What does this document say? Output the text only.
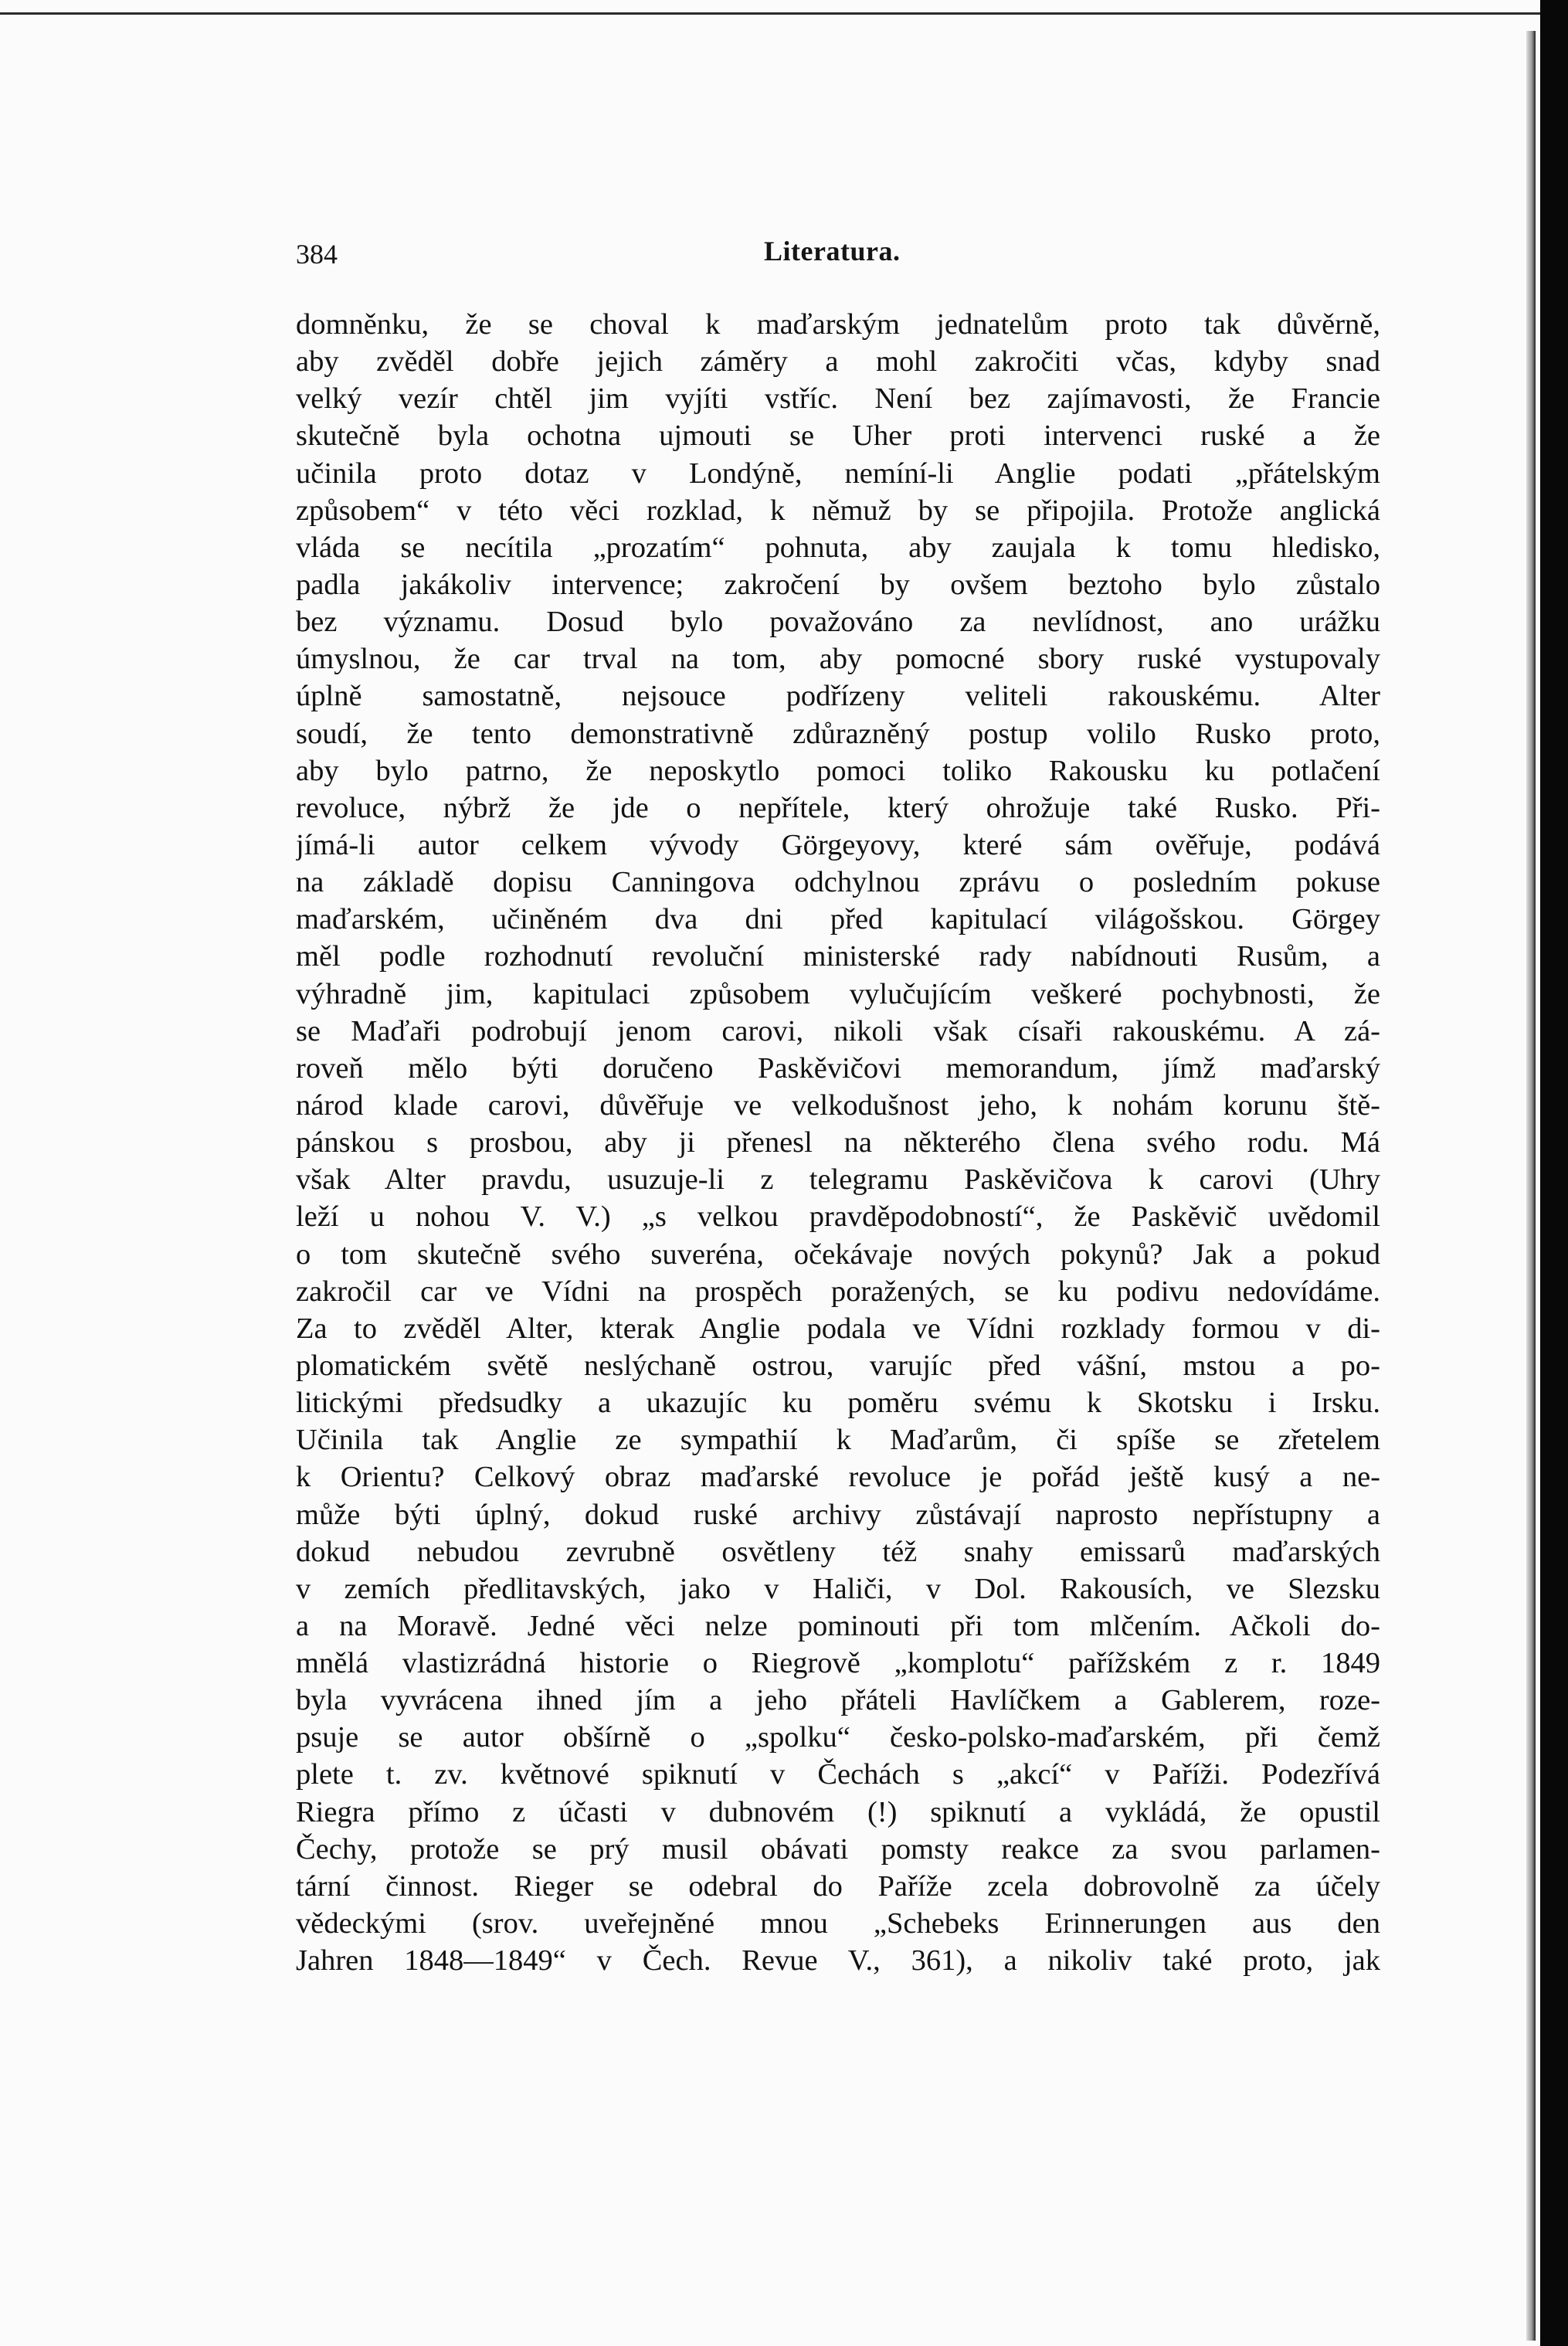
384	Literatura.
domněnku, že se choval k maďarským jednatelům proto tak důvěrně,
aby zvěděl dobře jejich záměry a mohl zakročiti včas, kdyby snad
velký vezír chtěl jim vyjíti vstříc. Není bez zajímavosti, že Francie
skutečně byla ochotna ujmouti se Uher proti intervenci ruské a že
učinila proto dotaz v Londýně, nemíní-li Anglie podati „přátelským
způsobem“ v této věci rozklad, k němuž by se připojila. Protože anglická
vláda se necítila „prozatím“ pohnuta, aby zaujala k tomu hledisko,
padla jakákoliv intervence; zakročení by ovšem beztoho bylo zůstalo
bez významu. Dosud bylo považováno za nevlídnost, ano urážku
úmyslnou, že car trval na tom, aby pomocné sbory ruské vystupovaly
úplně samostatně, nejsouce podřízeny veliteli rakouskému. Alter
soudí, že tento demonstrativně zdůrazněný postup volilo Rusko proto,
aby bylo patrno, že neposkytlo pomoci toliko Rakousku ku potlačení
revoluce, nýbrž že jde o nepřítele, který ohrožuje také Rusko. Při-
jímá-li autor celkem vývody Görgeyovy, které sám ověřuje, podává
na základě dopisu Canningova odchylnou zprávu o posledním pokuse
maďarském, učiněném dva dni před kapitulací világošskou. Görgey
měl podle rozhodnutí revoluční ministerské rady nabídnouti Rusům, a
výhradně jim, kapitulaci způsobem vylučujícím veškeré pochybnosti, že
se Maďaři podrobují jenom carovi, nikoli však císaři rakouskému. A zá-
roveň mělo býti doručeno Paskěvičovi memorandum, jímž maďarský
národ klade carovi, důvěřuje ve velkodušnost jeho, k nohám korunu ště-
pánskou s prosbou, aby ji přenesl na některého člena svého rodu. Má
však Alter pravdu, usuzuje-li z telegramu Paskěvičova k carovi (Uhry
leží u nohou V. V.) „s velkou pravděpodobností“, že Paskěvič uvědomil
o tom skutečně svého suveréna, očekávaje nových pokynů? Jak a pokud
zakročil car ve Vídni na prospěch poražených, se ku podivu nedovídáme.
Za to zvěděl Alter, kterak Anglie podala ve Vídni rozklady formou v di-
plomatickém světě neslýchaně ostrou, varujíc před vášní, mstou a po-
litickými předsudky a ukazujíc ku poměru svému k Skotsku i Irsku.
Učinila tak Anglie ze sympathií k Maďarům, či spíše se zřetelem
k Orientu? Celkový obraz maďarské revoluce je pořád ještě kusý a ne-
může býti úplný, dokud ruské archivy zůstávají naprosto nepřístupny a
dokud nebudou zevrubně osvětleny též snahy emissarů maďarských
v zemích předlitavských, jako v Haliči, v Dol. Rakousích, ve Slezsku
a na Moravě. Jedné věci nelze pominouti při tom mlčením. Ačkoli do-
mnělá vlastizrádná historie o Riegrově „komplotu“ pařížském z r. 1849
byla vyvrácena ihned jím a jeho přáteli Havlíčkem a Gablerem, roze-
psuje se autor obšírně o „spolku“ česko-polsko-maďarském, při čemž
plete t. zv. květnové spiknutí v Čechách s „akcí“ v Paříži. Podezřívá
Riegra přímo z účasti v dubnovém (!) spiknutí a vykládá, že opustil
Čechy, protože se prý musil obávati pomsty reakce za svou parlamen-
tární činnost. Rieger se odebral do Paříže zcela dobrovolně za účely
vědeckými (srov. uveřejněné mnou „Schebeks Erinnerungen aus den
Jahren 1848—1849“ v Čech. Revue V., 361), a nikoliv také proto, jak
